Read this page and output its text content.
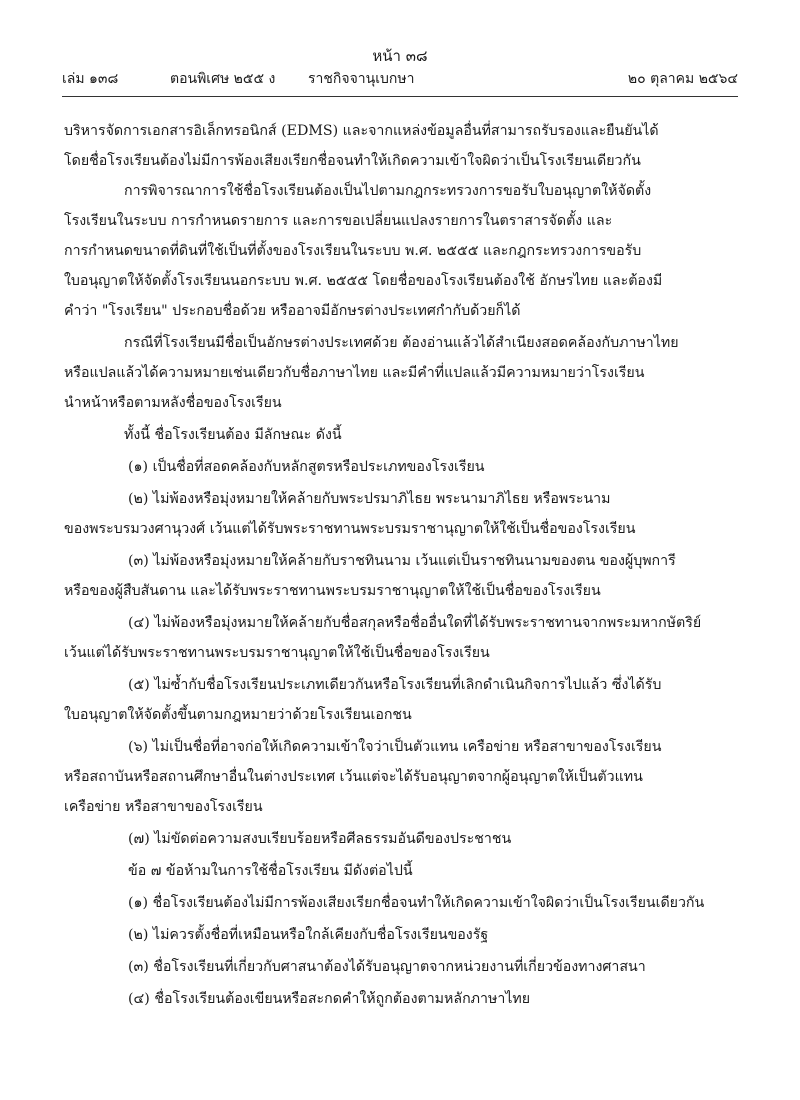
หน้า ๓๘
เล่ม ๑๓๘	ตอนพิเศษ ๒๕๕ ง ราชกิจจานุเบกษา	๒๐ ตุลาคม ๒๕๖๔
บริหารจัดการเอกสารอิเล็กทรอนิกส์ (EDMS) และจากแหล่งข้อมูลอื่นที่สามารถรับรองและยืนยันได้
โดยชื่อโรงเรียนต้องไม่มีการพ้องเสียงเรียกชื่อจนทำให้เกิดความเข้าใจผิดว่าเป็นโรงเรียนเดียวกัน
การพิจารณาการใช้ชื่อโรงเรียนต้องเป็นไปตามกฎกระทรวงการขอรับใบอนุญาตให้จัดตั้ง
โรงเรียนในระบบ การกำหนดรายการ และการขอเปลี่ยนแปลงรายการในตราสารจัดตั้ง และ
การกำหนดขนาดที่ดินที่ใช้เป็นที่ตั้งของโรงเรียนในระบบ พ.ศ. ๒๕๕๕ และกฎกระทรวงการขอรับ
ใบอนุญาตให้จัดตั้งโรงเรียนนอกระบบ พ.ศ. ๒๕๕๕ โดยชื่อของโรงเรียนต้องใช้ อักษรไทย และต้องมี
คำว่า "โรงเรียน" ประกอบชื่อด้วย หรืออาจมีอักษรต่างประเทศกำกับด้วยก็ได้
กรณีที่โรงเรียนมีชื่อเป็นอักษรต่างประเทศด้วย ต้องอ่านแล้วได้สำเนียงสอดคล้องกับภาษาไทย
หรือแปลแล้วได้ความหมายเช่นเดียวกับชื่อภาษาไทย และมีคำที่แปลแล้วมีความหมายว่าโรงเรียน
นำหน้าหรือตามหลังชื่อของโรงเรียน
ทั้งนี้ ชื่อโรงเรียนต้อง มีลักษณะ ดังนี้
(๑) เป็นชื่อที่สอดคล้องกับหลักสูตรหรือประเภทของโรงเรียน
(๒) ไม่พ้องหรือมุ่งหมายให้คล้ายกับพระปรมาภิไธย พระนามาภิไธย หรือพระนาม
ของพระบรมวงศานุวงศ์ เว้นแต่ได้รับพระราชทานพระบรมราชานุญาตให้ใช้เป็นชื่อของโรงเรียน
(๓) ไม่พ้องหรือมุ่งหมายให้คล้ายกับราชทินนาม เว้นแต่เป็นราชทินนามของตน ของผู้บุพการี
หรือของผู้สืบสันดาน และได้รับพระราชทานพระบรมราชานุญาตให้ใช้เป็นชื่อของโรงเรียน
(๔) ไม่พ้องหรือมุ่งหมายให้คล้ายกับชื่อสกุลหรือชื่ออื่นใดที่ได้รับพระราชทานจากพระมหากษัตริย์
เว้นแต่ได้รับพระราชทานพระบรมราชานุญาตให้ใช้เป็นชื่อของโรงเรียน
(๕) ไม่ซ้ำกับชื่อโรงเรียนประเภทเดียวกันหรือโรงเรียนที่เลิกดำเนินกิจการไปแล้ว ซึ่งได้รับ
ใบอนุญาตให้จัดตั้งขึ้นตามกฎหมายว่าด้วยโรงเรียนเอกชน
(๖) ไม่เป็นชื่อที่อาจก่อให้เกิดความเข้าใจว่าเป็นตัวแทน เครือข่าย หรือสาขาของโรงเรียน
หรือสถาบันหรือสถานศึกษาอื่นในต่างประเทศ เว้นแต่จะได้รับอนุญาตจากผู้อนุญาตให้เป็นตัวแทน
เครือข่าย หรือสาขาของโรงเรียน
(๗) ไม่ขัดต่อความสงบเรียบร้อยหรือศีลธรรมอันดีของประชาชน
ข้อ ๗ ข้อห้ามในการใช้ชื่อโรงเรียน มีดังต่อไปนี้
(๑) ชื่อโรงเรียนต้องไม่มีการพ้องเสียงเรียกชื่อจนทำให้เกิดความเข้าใจผิดว่าเป็นโรงเรียนเดียวกัน
(๒) ไม่ควรตั้งชื่อที่เหมือนหรือใกล้เคียงกับชื่อโรงเรียนของรัฐ
(๓) ชื่อโรงเรียนที่เกี่ยวกับศาสนาต้องได้รับอนุญาตจากหน่วยงานที่เกี่ยวข้องทางศาสนา
(๔) ชื่อโรงเรียนต้องเขียนหรือสะกดคำให้ถูกต้องตามหลักภาษาไทย
